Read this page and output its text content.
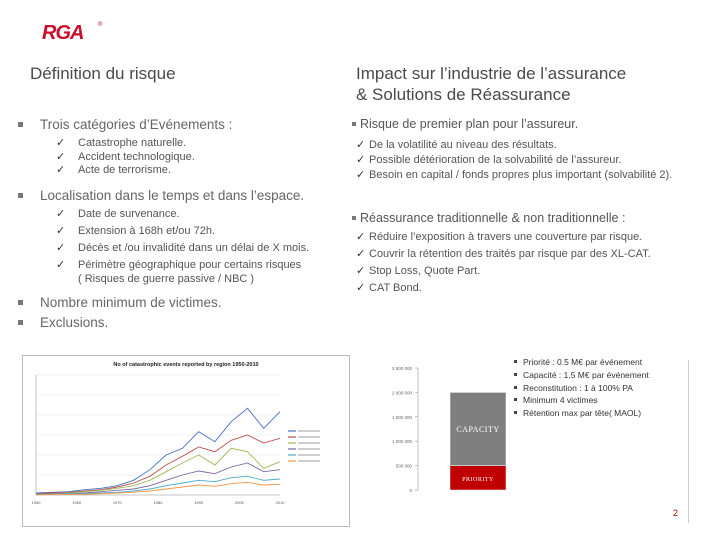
RGA ®
Définition du risque	Impact sur l’industrie de l’assurance
& Solutions de Réassurance
Trois catégories d’Evénements :
✓ Catastrophe naturelle.
✓ Accident technologique.
✓ Acte de terrorisme.
Localisation dans le temps et dans l’espace.
✓ Date de survenance.
✓ Extension à 168h et/ou 72h.
✓ Décès et /ou invalidité dans un délai de X mois.
✓ Périmètre géographique pour certains risques
( Risques de guerre passive / NBC )
Nombre minimum de victimes.
Exclusions.
Risque de premier plan pour l’assureur.
✓ De la volatilité au niveau des résultats.
✓ Possible détérioration de la solvabilité de l’assureur.
✓ Besoin en capital / fonds propres plus important (solvabilité 2).
Réassurance traditionnelle & non traditionnelle :
✓ Réduire l’exposition à travers une couverture par risque.
✓ Couvrir la rétention des traités par risque par des XL-CAT.
✓ Stop Loss, Quote Part.
✓ CAT Bond.
No of catastrophic events reported by region 1950-2010
1950	1960	1970	1980	1990	2000	2010
2 500 000
2 000 000
1 500 000
1 000 000
500 000
0
PRIORITY
CAPACITY
Priorité : 0.5 M€ par événement
Capacité : 1.5 M€ par événement
Reconstitution : 1 à 100% PA
Minimum 4 victimes
Rétention max par tête( MAOL)
2
